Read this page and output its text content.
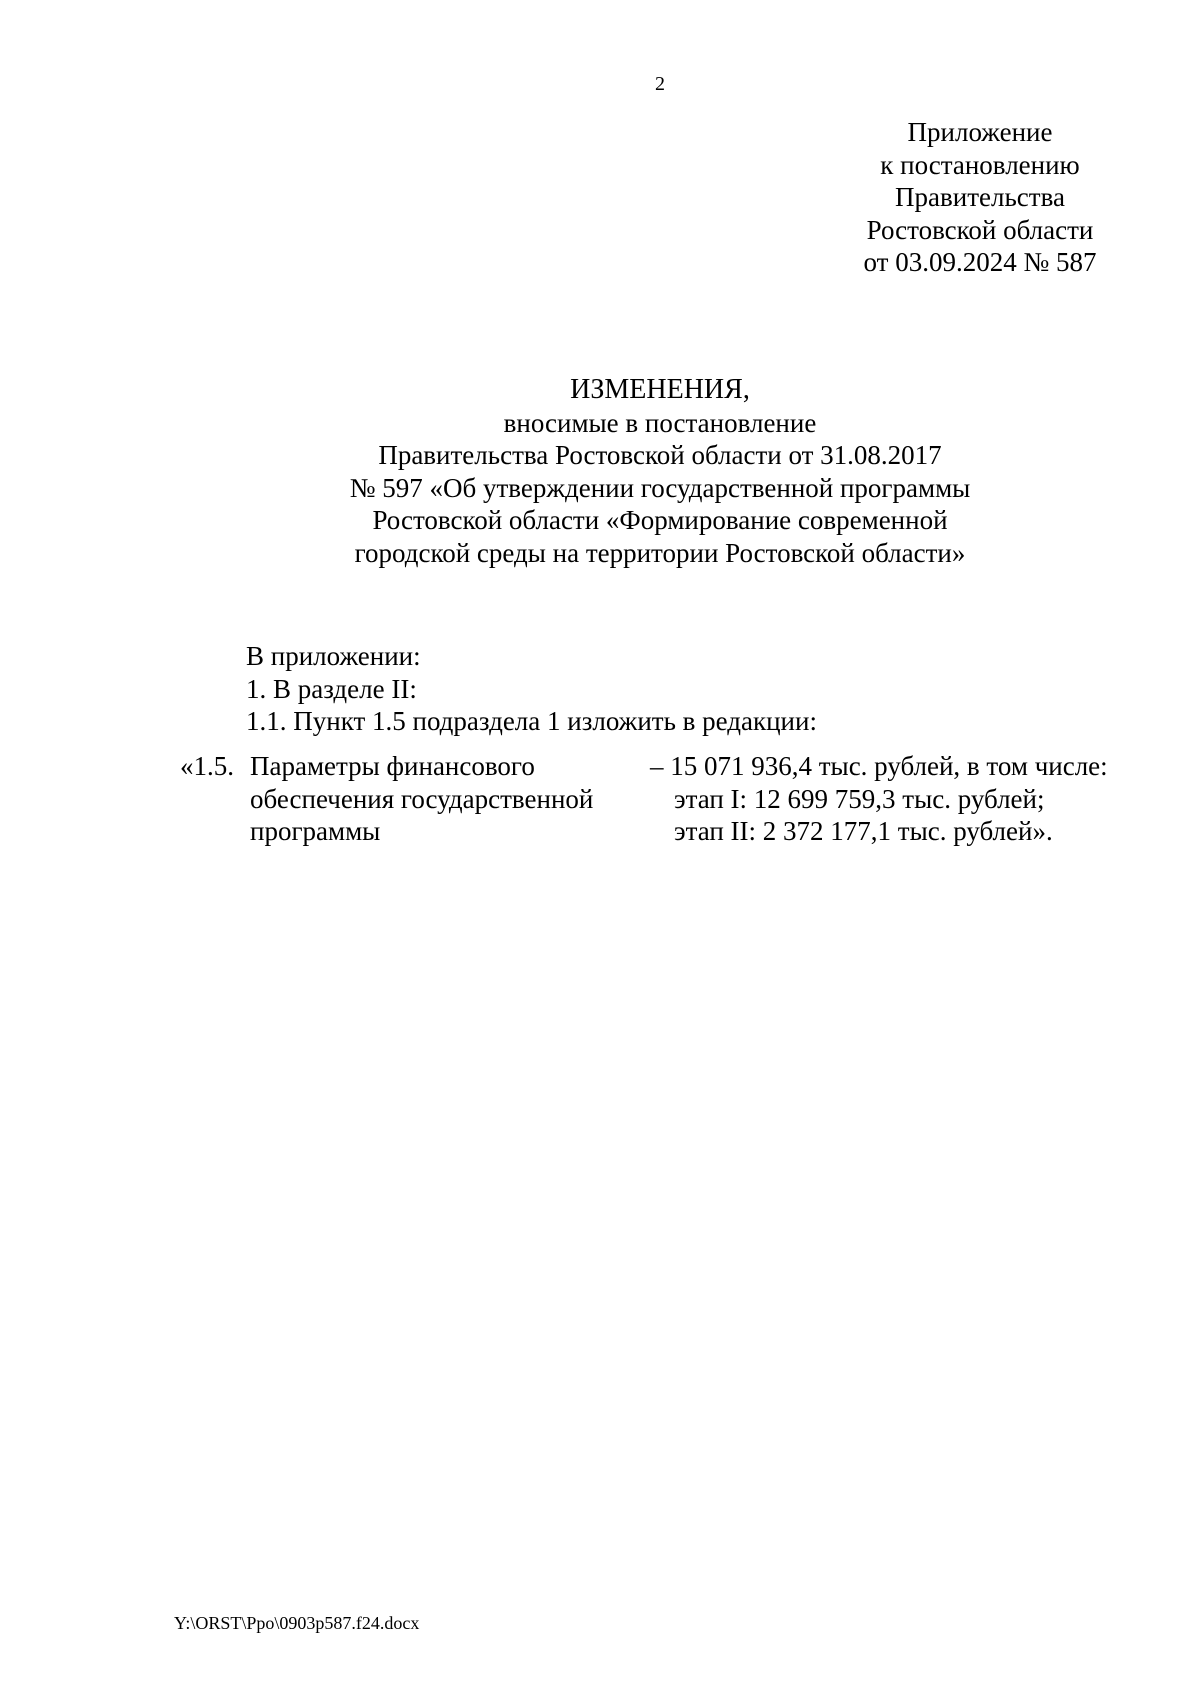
2
Приложение
к постановлению
Правительства
Ростовской области
от 03.09.2024 № 587
ИЗМЕНЕНИЯ,
вносимые в постановление
Правительства Ростовской области от 31.08.2017
№ 597 «Об утверждении государственной программы
Ростовской области «Формирование современной
городской среды на территории Ростовской области»
В приложении:
1. В разделе II:
1.1. Пункт 1.5 подраздела 1 изложить в редакции:
«1.5. Параметры финансового
обеспечения государственной
программы
– 15 071 936,4 тыс. рублей, в том числе:
этап I: 12 699 759,3 тыс. рублей;
этап II: 2 372 177,1 тыс. рублей».
Y:\ORST\Ppo\0903p587.f24.docx
